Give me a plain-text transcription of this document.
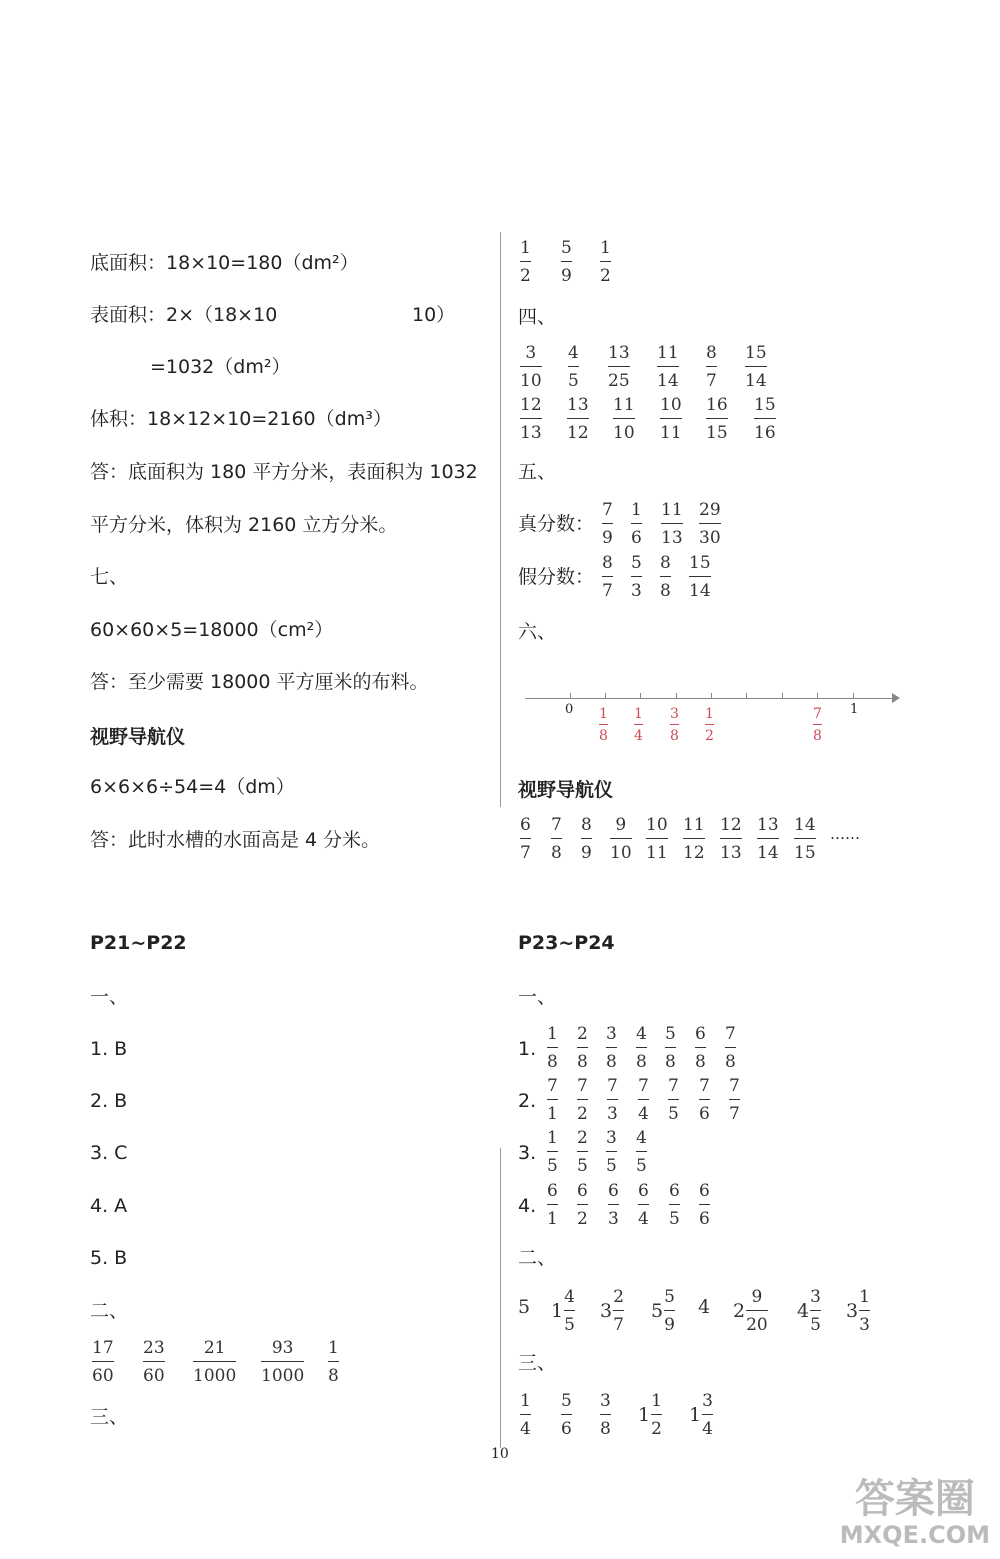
底面积：18×10=180（dm²）
表面积：2×（18×10	10）
=1032（dm²）
体积：18×12×10=2160（dm³）
答：底面积为 180 平方分米，表面积为 1032
平方分米，体积为 2160 立方分米。
七、
60×60×5=18000（cm²）
答：至少需要 18000 平方厘米的布料。
视野导航仪
6×6×6÷54=4（dm）
答：此时水槽的水面高是 4 分米。
1
2
5
9
1
2
四、
3
10
4
5
13
25
11
14
8
7
15
14
12
13
13
12
11
10
10
11
16
15
15
16
五、
真分数：
7
9
1
6
11
13
29
30
假分数：
8
7
5
3
8
8
15
14
六、
0	1
1
8
1
4
3
8
1
2
7
8
视野导航仪
6
7
7
8
8
9
9
10
10
11
11
12
12
13
13
14
14
15
……
P21~P22
一、
1. B
2. B
3. C
4. A
5. B
二、
17
60
23
60
21
1000
93
1000
1
8
三、
P23~P24
一、
1.
1
8
2
8
3
8
4
8
5
8
6
8
7
8
2.
7
1
7
2
7
3
7
4
7
5
7
6
7
7
3.
1
5
2
5
3
5
4
5
4.
6
1
6
2
6
3
6
4
6
5
6
6
二、
5 1
4
5
3
2
7
5
5
9
4 2
9
20
4
3
5
3
1
3
三、
1
4
5
6
3
8
1
1
2
1
3
4
10
答案圈
MXQE.COM
